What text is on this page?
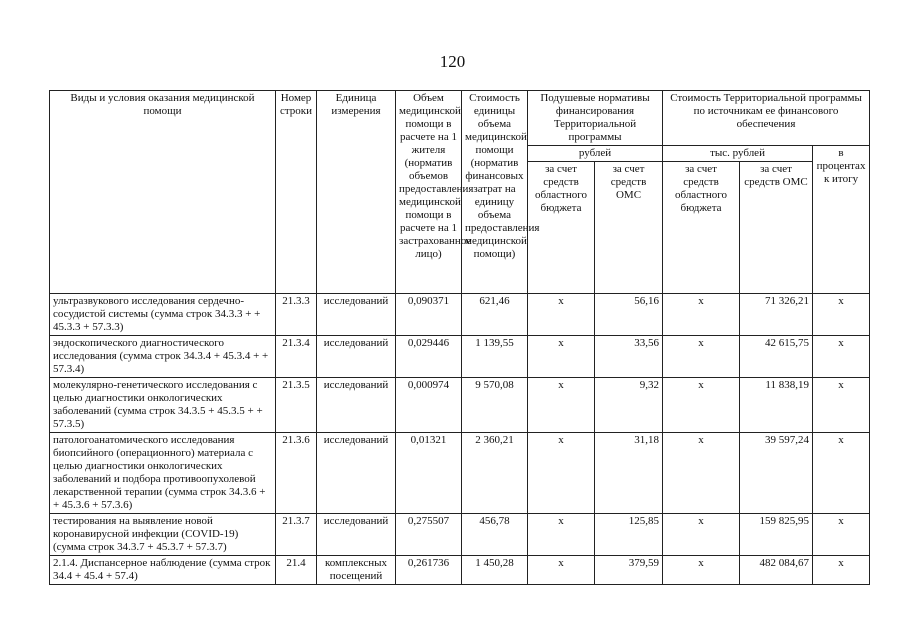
120
Виды и условия оказания медицинской помощи	Номер строки	Единица измерения	Объем медицинской помощи в расчете на 1 жителя (норматив объемов предоставления медицинской помощи в расчете на 1 застрахованное лицо)	Стоимость единицы объема медицинской помощи (норматив финансовых затрат на единицу объема предоставления медицинской помощи)	Подушевые нормативы финансирования Территориальной программы		Стоимость Территориальной программы по источникам ее финансового обеспечения		
					рублей		тыс. рублей		в процентах к итогу
					за счет средств областного бюджета	за счет средств ОМС	за счет средств областного бюджета	за счет средств ОМС	
ультразвукового исследования сердечно-сосудистой системы (сумма строк 34.3.3 + + 45.3.3 + 57.3.3)	21.3.3	исследований	0,090371	621,46	х	56,16	х	71 326,21	х
эндоскопического диагностического исследования (сумма строк 34.3.4 + 45.3.4 + + 57.3.4)	21.3.4	исследований	0,029446	1 139,55	х	33,56	х	42 615,75	х
молекулярно-генетического исследования с целью диагностики онкологических заболеваний (сумма строк 34.3.5 + 45.3.5 + + 57.3.5)	21.3.5	исследований	0,000974	9 570,08	х	9,32	х	11 838,19	х
патологоанатомического исследования биопсийного (операционного) материала с целью диагностики онкологических заболеваний и подбора противоопухолевой лекарственной терапии (сумма строк 34.3.6 + + 45.3.6 + 57.3.6)	21.3.6	исследований	0,01321	2 360,21	х	31,18	х	39 597,24	х
тестирования на выявление новой коронавирусной инфекции (COVID-19) (сумма строк 34.3.7 + 45.3.7 + 57.3.7)	21.3.7	исследований	0,275507	456,78	х	125,85	х	159 825,95	х
2.1.4. Диспансерное наблюдение (сумма строк 34.4 + 45.4 + 57.4)	21.4	комплексных посещений	0,261736	1 450,28	х	379,59	х	482 084,67	х
